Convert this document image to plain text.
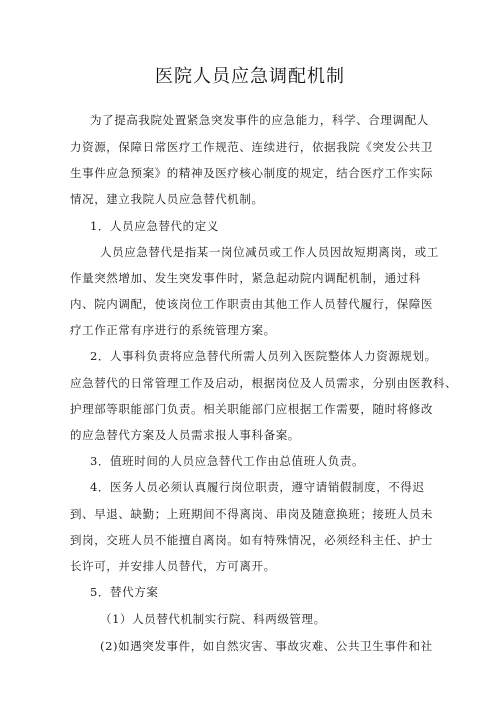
医院人员应急调配机制
为了提高我院处置紧急突发事件的应急能力，科学、合理调配人
力资源，保障日常医疗工作规范、连续进行，依据我院《突发公共卫
生事件应急预案》的精神及医疗核心制度的规定，结合医疗工作实际
情况，建立我院人员应急替代机制。
1．人员应急替代的定义
人员应急替代是指某一岗位减员或工作人员因故短期离岗，或工
作量突然增加、发生突发事件时，紧急起动院内调配机制，通过科
内、院内调配，使该岗位工作职责由其他工作人员替代履行，保障医
疗工作正常有序进行的系统管理方案。
2．人事科负责将应急替代所需人员列入医院整体人力资源规划。
应急替代的日常管理工作及启动，根据岗位及人员需求，分别由医教科、
护理部等职能部门负责。相关职能部门应根据工作需要，随时将修改
的应急替代方案及人员需求报人事科备案。
3．值班时间的人员应急替代工作由总值班人负责。
4．医务人员必须认真履行岗位职责，遵守请销假制度，不得迟
到、早退、缺勤；上班期间不得离岗、串岗及随意换班；接班人员未
到岗，交班人员不能擅自离岗。如有特殊情况，必须经科主任、护士
长许可，并安排人员替代，方可离开。
5．替代方案
（1）人员替代机制实行院、科两级管理。
(2)如遇突发事件，如自然灾害、事故灾难、公共卫生事件和社
